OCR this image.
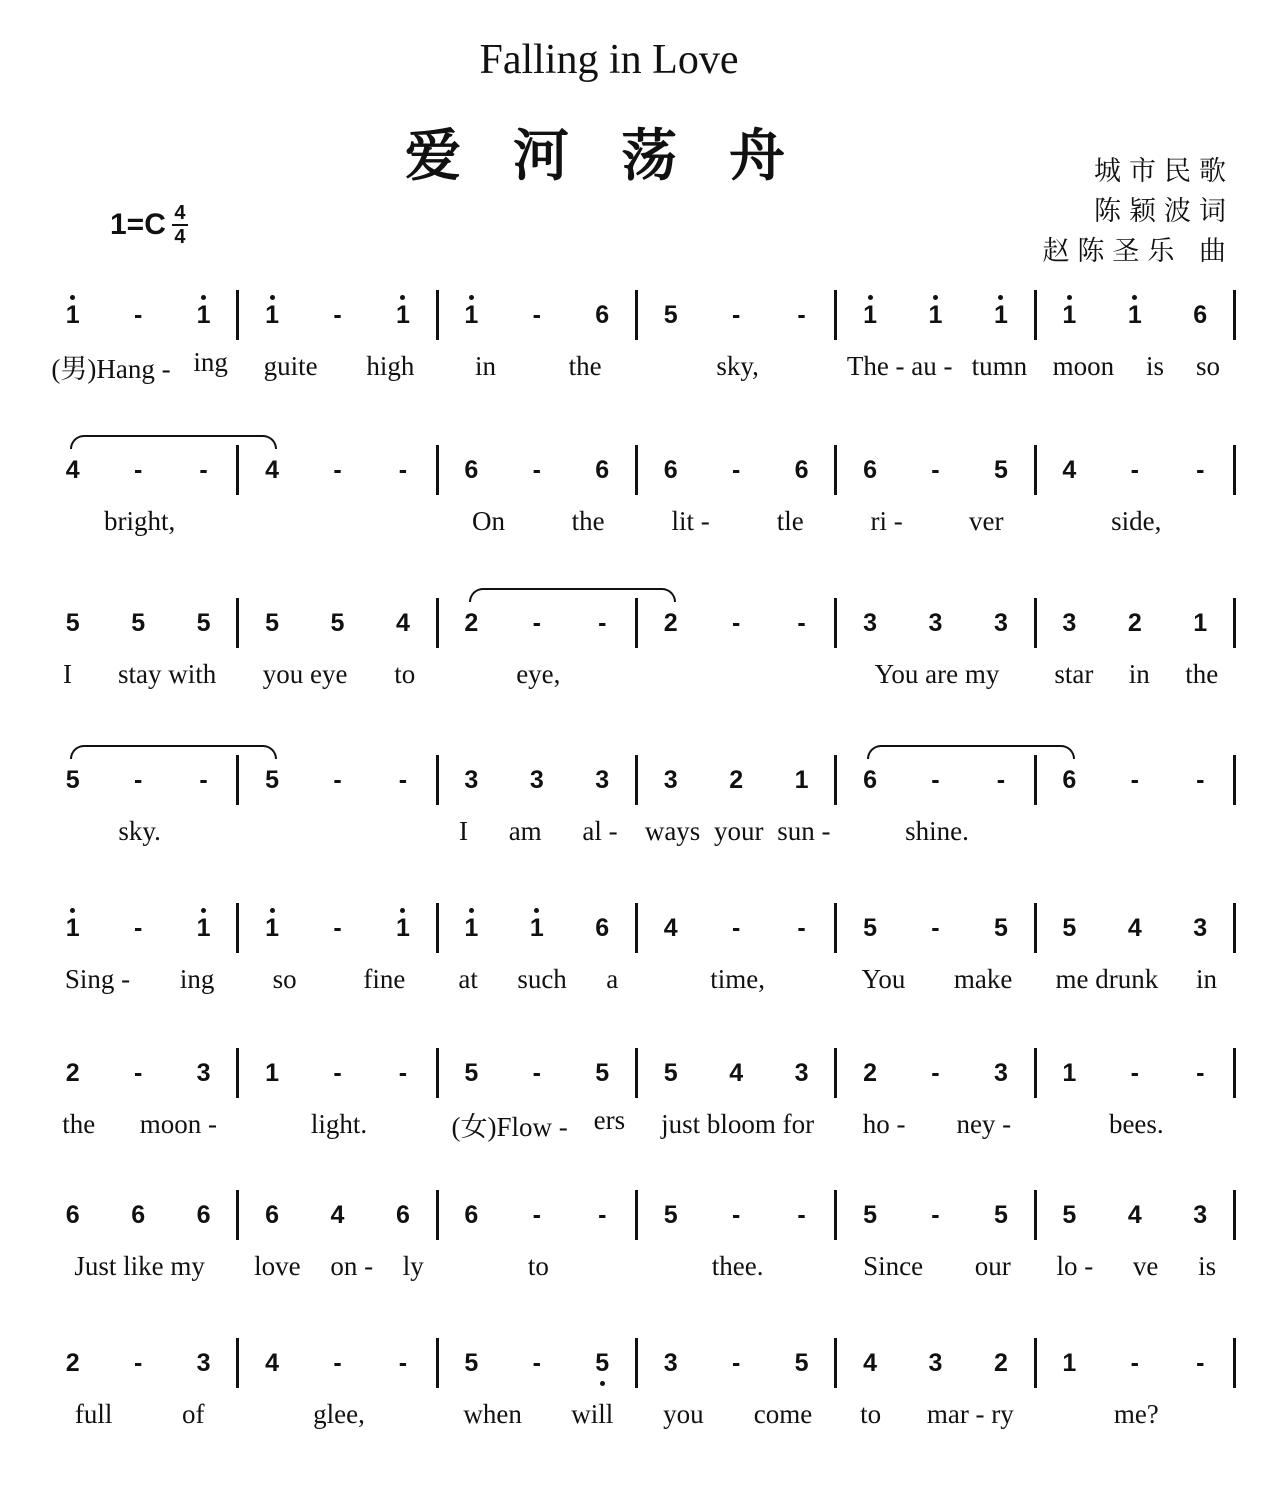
Falling in Love
爱河荡舟	城市民歌
陈颖波词
赵陈圣乐 曲
1=C 4
4
1	-	1	1	-	1	1	-	6	5	-	-	1	1	1	1	1	6
(男)Hang - ing guite high in	the	sky,	The - au - tumn moon is so
4	-	-	4	-	-	6	-	6	6	-	6	6	-	5	4	-	-
bright,	On the lit - tle ri - ver	side,
5	5	5	5	5	4	2	-	-	2	-	-	3	3	3	3	2	1
I stay with you eye to	eye,	You are my star in the
5	-	-	5	-	-	3	3	3	3	2	1	6	-	-	6	-	-
sky.	I am al - ways your sun -	shine.
1	-	1	1	-	1	1	1	6	4	-	-	5	-	5	5	4	3
Sing - ing so fine at such a	time,	You make me drunk in
2	-	3	1	-	-	5	-	5	5	4	3	2	-	3	1	-	-
the moon -	light.	(女)Flow - ers just bloom for ho - ney -	bees.
6	6	6	6	4	6	6	-	-	5	-	-	5	-	5	5	4	3
Just like my love on - ly	to	thee.	Since our lo - ve is
2	-	3	4	-	-	5	-	5	3	-	5	4	3	2	1	-	-
full	of	glee,	when will you come to mar - ry	me?
